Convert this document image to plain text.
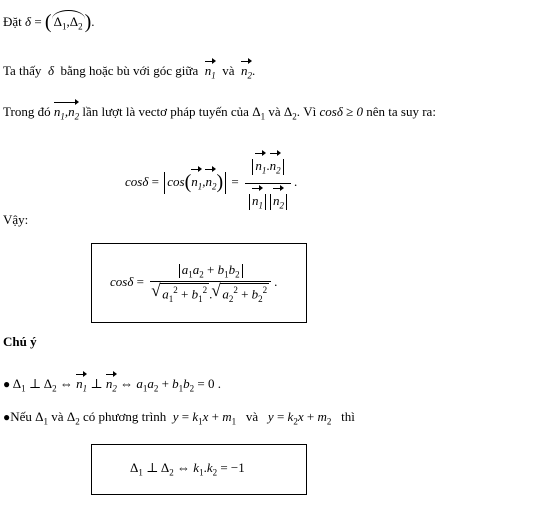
Đặt δ = ( $\Delta_1,\Delta_2$ ).
Ta thấy δ bằng hoặc bù với góc giữa $n_1$ và $n_2$.
Trong đó $n_1,n_2$ lần lượt là vectơ pháp tuyến của $\Delta_1$ và $\Delta_2$. Vì cosδ ≥ 0 nên ta suy ra:
$\cos\delta = \cos(n_1,n_2) = \frac{n_1.n_2}{n_1 n_2}$ .
Vậy:
$\cos\delta = a_1a_2 + b_1b_2$
√ $a_1^2 + b_1^2$ .√ $a_2^2 + b_2^2$ .
Chú ý
● $\Delta_1$ ⊥ $\Delta_2$ ⇔ $n_1$ ⊥ $n_2$ ⇔ $a_1a_2 + b_1b_2 = 0$ .
●Nếu $\Delta_1$ và $\Delta_2$ có phương trình $y = k_1x + m_1$ và $y = k_2x + m_2$ thì
$\Delta_1$ ⊥ $\Delta_2$ ⇔ $k_1.k_2 = -1$
